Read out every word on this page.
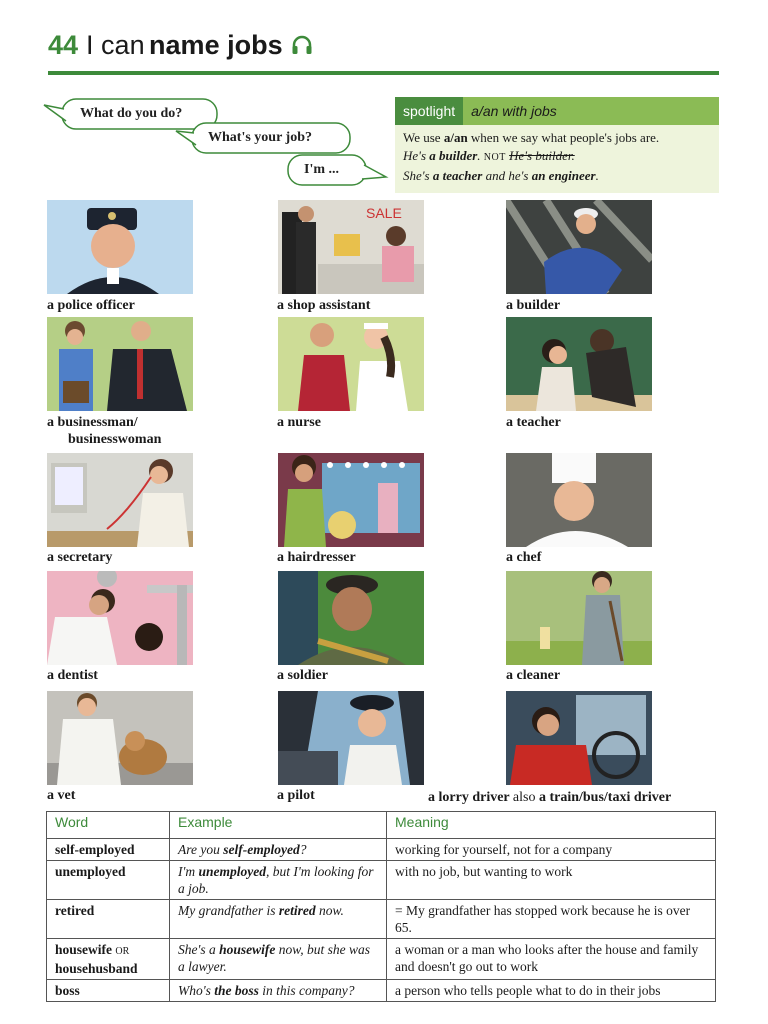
44 I can name jobs
What do you do?
What's your job?
I'm ...
spotlight	a/an with jobs
We use a/an when we say what people's jobs are.
He's a builder. NOT He's builder.
She's a teacher and he's an engineer.
a police officer
SALE
a shop assistant	a builder
a businessman/
businesswoman
a nurse	a teacher
a secretary	a hairdresser	a chef
a dentist	a soldier	a cleaner
a vet	a pilot	a lorry driver also a train/bus/taxi driver
Word	Example	Meaning
self-employed	Are you self-employed?	working for yourself, not for a company
unemployed	I'm unemployed, but I'm looking for a job.	with no job, but wanting to work
retired	My grandfather is retired now.	= My grandfather has stopped work because he is over 65.
housewife OR
househusband	She's a housewife now, but she was a lawyer.	a woman or a man who looks after the house and family and doesn't go out to work
boss	Who's the boss in this company?	a person who tells people what to do in their jobs
